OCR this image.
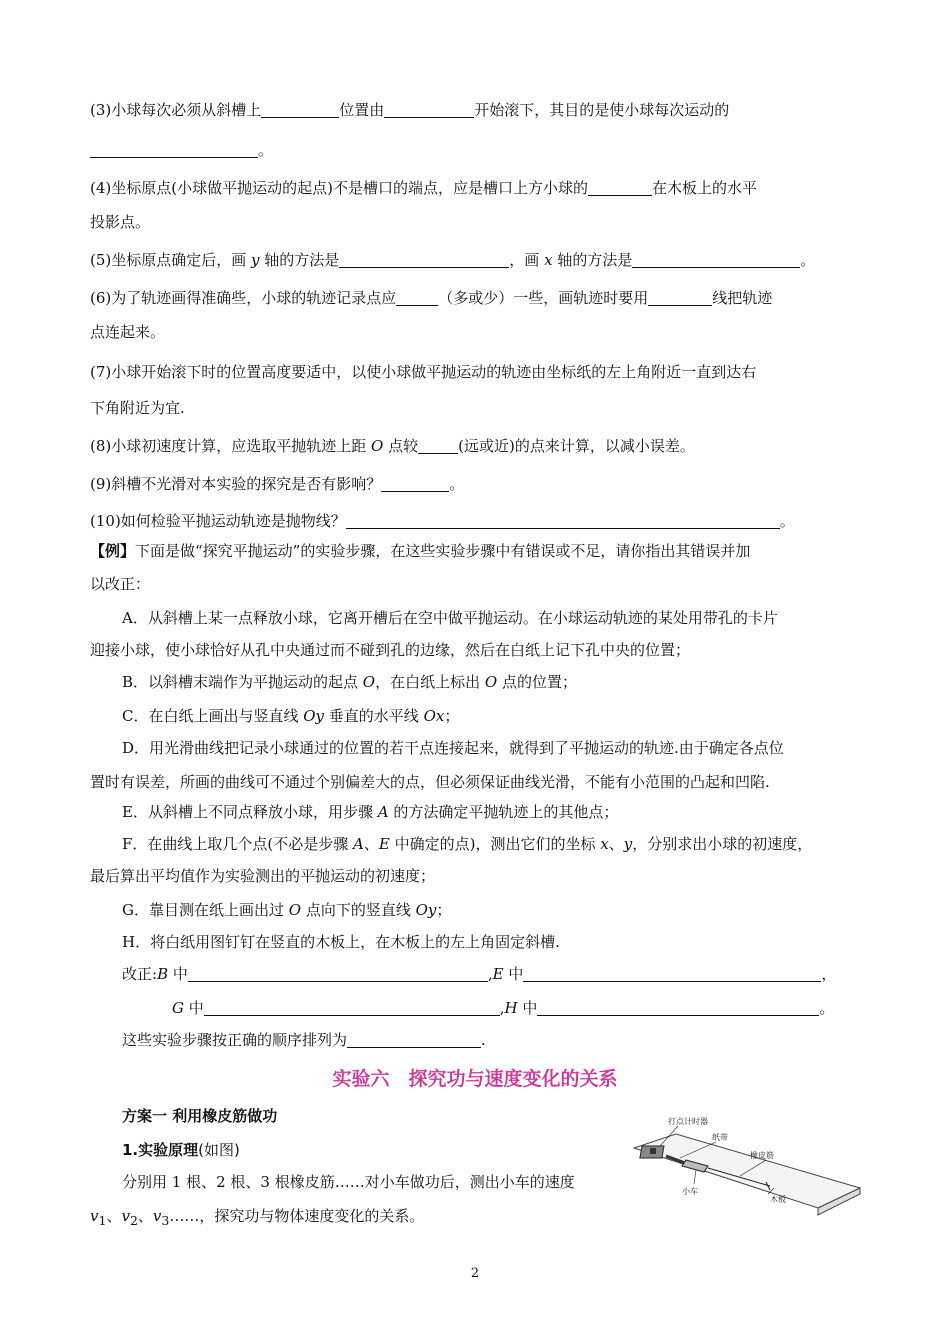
(3)小球每次必须从斜槽上	位置由	开始滚下，其目的是使小球每次运动的
。
(4)坐标原点(小球做平抛运动的起点)不是槽口的端点，应是槽口上方小球的	在木板上的水平
投影点。
(5)坐标原点确定后，画 y 轴的方法是	，画 x 轴的方法是	。
(6)为了轨迹画得准确些，小球的轨迹记录点应	（多或少）一些，画轨迹时要用	线把轨迹
点连起来。
(7)小球开始滚下时的位置高度要适中，以使小球做平抛运动的轨迹由坐标纸的左上角附近一直到达右
下角附近为宜.
(8)小球初速度计算，应选取平抛轨迹上距 O 点较	(远或近)的点来计算，以减小误差。
(9)斜槽不光滑对本实验的探究是否有影响？	。
(10)如何检验平抛运动轨迹是抛物线？	。
【例】下面是做“探究平抛运动”的实验步骤，在这些实验步骤中有错误或不足，请你指出其错误并加
以改正：
A．从斜槽上某一点释放小球，它离开槽后在空中做平抛运动。在小球运动轨迹的某处用带孔的卡片
迎接小球，使小球恰好从孔中央通过而不碰到孔的边缘，然后在白纸上记下孔中央的位置；
B．以斜槽末端作为平抛运动的起点 O，在白纸上标出 O 点的位置；
C．在白纸上画出与竖直线 Oy 垂直的水平线 Ox；
D．用光滑曲线把记录小球通过的位置的若干点连接起来，就得到了平抛运动的轨迹.由于确定各点位
置时有误差，所画的曲线可不通过个别偏差大的点，但必须保证曲线光滑，不能有小范围的凸起和凹陷.
E．从斜槽上不同点释放小球，用步骤 A 的方法确定平抛轨迹上的其他点；
F．在曲线上取几个点(不必是步骤 A、E 中确定的点)，测出它们的坐标 x、y，分别求出小球的初速度，
最后算出平均值作为实验测出的平抛运动的初速度；
G．靠目测在纸上画出过 O 点向下的竖直线 Oy；
H．将白纸用图钉钉在竖直的木板上，在木板上的左上角固定斜槽.
改正:B 中	,E 中	，
G 中	,H 中	。
这些实验步骤按正确的顺序排列为	.
实验六　探究功与速度变化的关系
方案一 利用橡皮筋做功
1.实验原理(如图)
分别用 1 根、2 根、3 根橡皮筋……对小车做功后，测出小车的速度
$v_1$、$v_2$、$v_3\dots\dots$，探究功与物体速度变化的关系。
打点计时器
纸带
橡皮筋
小车
木板
2
